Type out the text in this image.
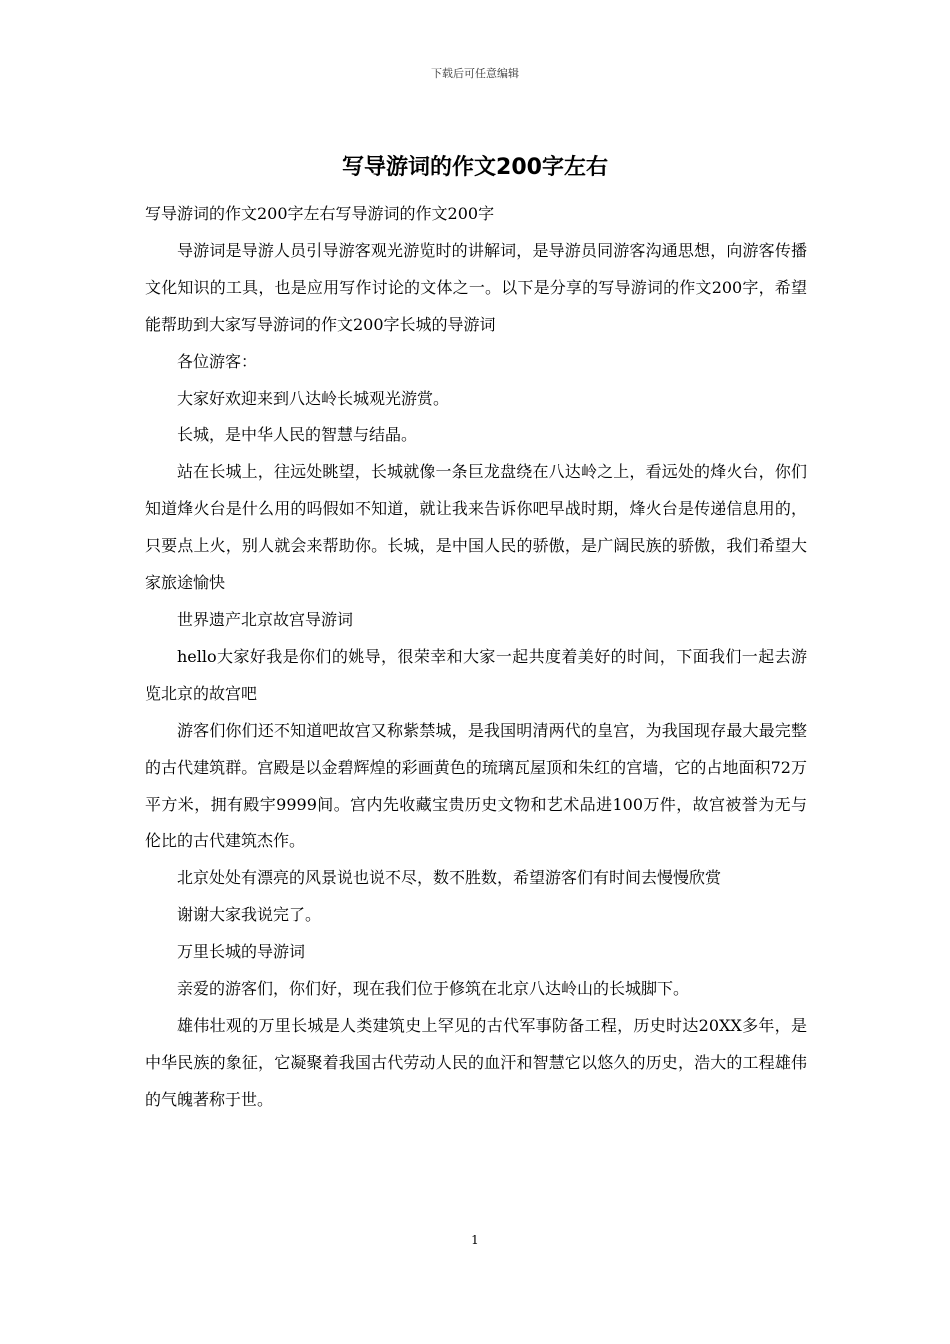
下载后可任意编辑
写导游词的作文200字左右

写导游词的作文200字左右写导游词的作文200字

导游词是导游人员引导游客观光游览时的讲解词，是导游员同游客沟通思想，向游客传播文化知识的工具，也是应用写作讨论的文体之一。以下是分享的写导游词的作文200字，希望能帮助到大家写导游词的作文200字长城的导游词

各位游客：

大家好欢迎来到八达岭长城观光游赏。

长城，是中华人民的智慧与结晶。

站在长城上，往远处眺望，长城就像一条巨龙盘绕在八达岭之上，看远处的烽火台，你们知道烽火台是什么用的吗假如不知道，就让我来告诉你吧早战时期，烽火台是传递信息用的，只要点上火，别人就会来帮助你。长城，是中国人民的骄傲，是广阔民族的骄傲，我们希望大家旅途愉快

世界遗产北京故宫导游词

hello大家好我是你们的姚导，很荣幸和大家一起共度着美好的时间，下面我们一起去游览北京的故宫吧

游客们你们还不知道吧故宫又称紫禁城，是我国明清两代的皇宫，为我国现存最大最完整的古代建筑群。宫殿是以金碧辉煌的彩画黄色的琉璃瓦屋顶和朱红的宫墙，它的占地面积72万平方米，拥有殿宇9999间。宫内先收藏宝贵历史文物和艺术品进100万件，故宫被誉为无与伦比的古代建筑杰作。

北京处处有漂亮的风景说也说不尽，数不胜数，希望游客们有时间去慢慢欣赏

谢谢大家我说完了。

万里长城的导游词

亲爱的游客们，你们好，现在我们位于修筑在北京八达岭山的长城脚下。

雄伟壮观的万里长城是人类建筑史上罕见的古代军事防备工程，历史时达20XX多年，是中华民族的象征，它凝聚着我国古代劳动人民的血汗和智慧它以悠久的历史，浩大的工程雄伟的气魄著称于世。

1
